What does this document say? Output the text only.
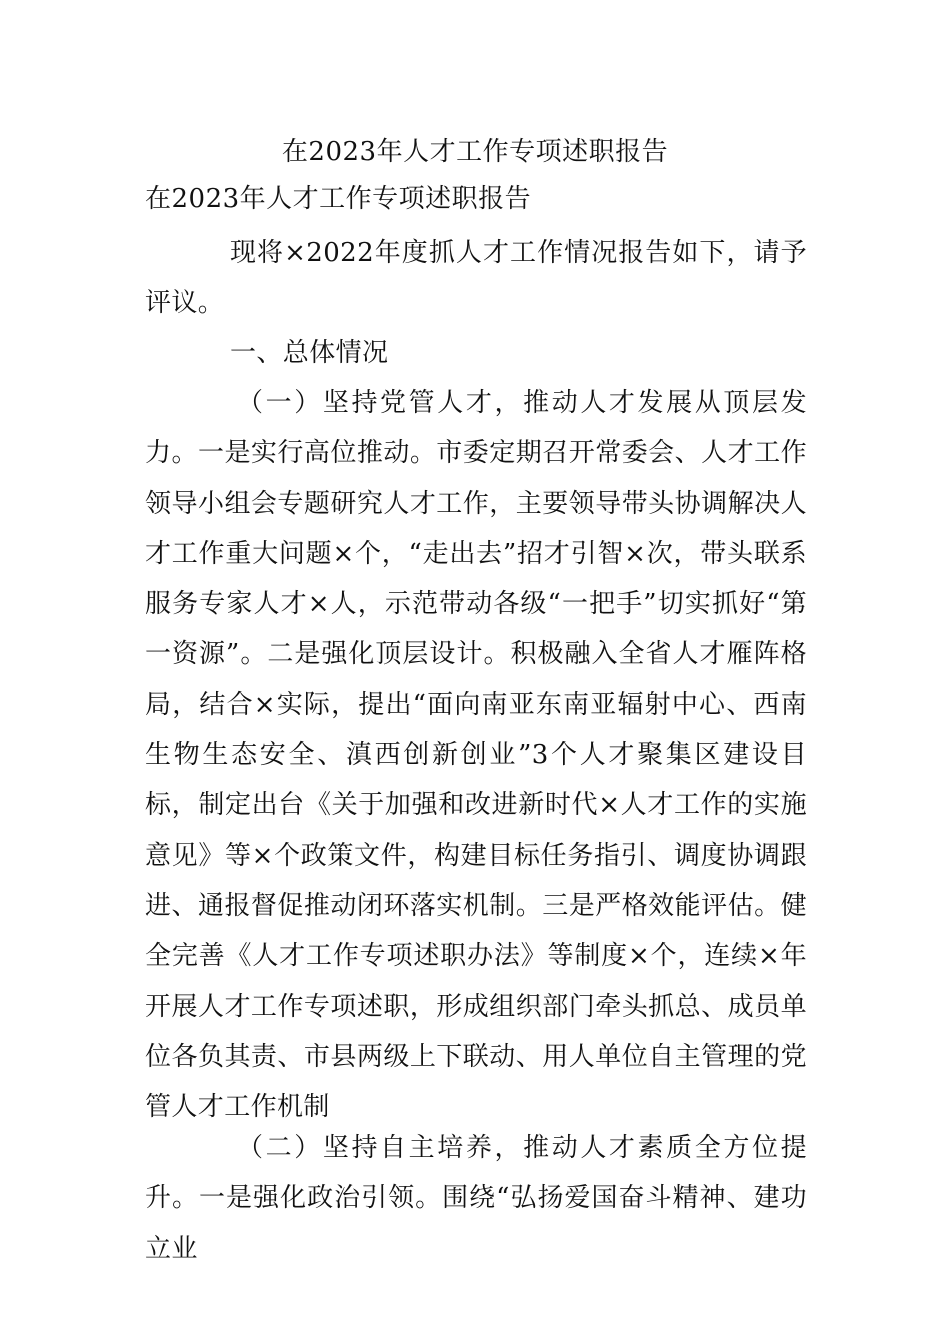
在2023年人才工作专项述职报告

在2023年人才工作专项述职报告

现将×2022年度抓人才工作情况报告如下，请予评议。

一、总体情况

（一）坚持党管人才，推动人才发展从顶层发力。一是实行高位推动。市委定期召开常委会、人才工作领导小组会专题研究人才工作，主要领导带头协调解决人才工作重大问题×个，“走出去”招才引智×次，带头联系服务专家人才×人，示范带动各级“一把手”切实抓好“第一资源”。二是强化顶层设计。积极融入全省人才雁阵格局，结合×实际，提出“面向南亚东南亚辐射中心、西南生物生态安全、滇西创新创业”3个人才聚集区建设目标，制定出台《关于加强和改进新时代×人才工作的实施意见》等×个政策文件，构建目标任务指引、调度协调跟进、通报督促推动闭环落实机制。三是严格效能评估。健全完善《人才工作专项述职办法》等制度×个，连续×年开展人才工作专项述职，形成组织部门牵头抓总、成员单位各负其责、市县两级上下联动、用人单位自主管理的党管人才工作机制

（二）坚持自主培养，推动人才素质全方位提升。一是强化政治引领。围绕“弘扬爱国奋斗精神、建功立业
